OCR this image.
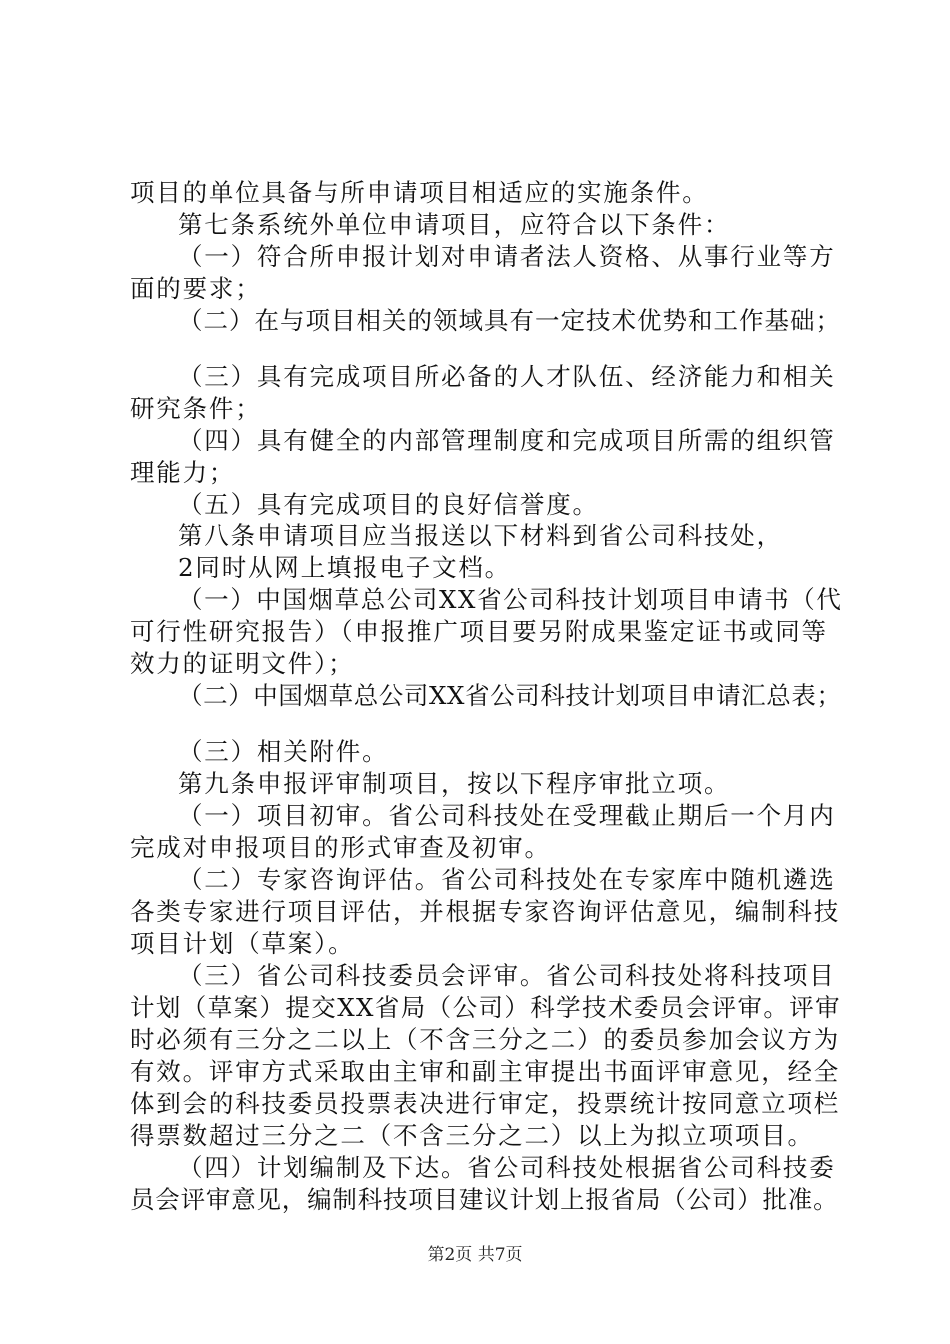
项目的单位具备与所申请项目相适应的实施条件。
第七条系统外单位申请项目，应符合以下条件：
（一）符合所申报计划对申请者法人资格、从事行业等方
面的要求；
（二）在与项目相关的领域具有一定技术优势和工作基础；
（三）具有完成项目所必备的人才队伍、经济能力和相关
研究条件；
（四）具有健全的内部管理制度和完成项目所需的组织管
理能力；
（五）具有完成项目的良好信誉度。
第八条申请项目应当报送以下材料到省公司科技处，
2同时从网上填报电子文档。
（一）中国烟草总公司XX省公司科技计划项目申请书（代
可行性研究报告）（申报推广项目要另附成果鉴定证书或同等
效力的证明文件）；
（二）中国烟草总公司XX省公司科技计划项目申请汇总表；
（三）相关附件。
第九条申报评审制项目，按以下程序审批立项。
（一）项目初审。省公司科技处在受理截止期后一个月内
完成对申报项目的形式审查及初审。
（二）专家咨询评估。省公司科技处在专家库中随机遴选
各类专家进行项目评估，并根据专家咨询评估意见，编制科技
项目计划（草案）。
（三）省公司科技委员会评审。省公司科技处将科技项目
计划（草案）提交XX省局（公司）科学技术委员会评审。评审
时必须有三分之二以上（不含三分之二）的委员参加会议方为
有效。评审方式采取由主审和副主审提出书面评审意见，经全
体到会的科技委员投票表决进行审定，投票统计按同意立项栏
得票数超过三分之二（不含三分之二）以上为拟立项项目。
（四）计划编制及下达。省公司科技处根据省公司科技委
员会评审意见，编制科技项目建议计划上报省局（公司）批准。
第2页 共7页
